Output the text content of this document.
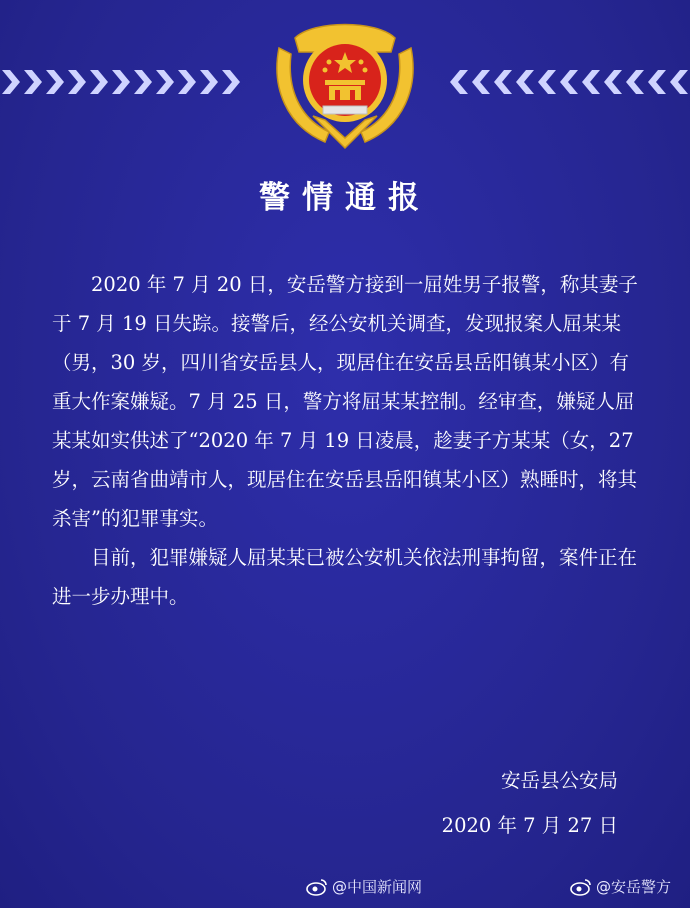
警情通报

2020 年 7 月 20 日，安岳警方接到一屈姓男子报警，称其妻子于 7 月 19 日失踪。接警后，经公安机关调查，发现报案人屈某某（男，30 岁，四川省安岳县人，现居住在安岳县岳阳镇某小区）有重大作案嫌疑。7 月 25 日，警方将屈某某控制。经审查，嫌疑人屈某某如实供述了“2020 年 7 月 19 日凌晨，趁妻子方某某（女，27 岁，云南省曲靖市人，现居住在安岳县岳阳镇某小区）熟睡时，将其杀害”的犯罪事实。

目前，犯罪嫌疑人屈某某已被公安机关依法刑事拘留，案件正在进一步办理中。

安岳县公安局
2020 年 7 月 27 日
@中国新闻网	@安岳警方
